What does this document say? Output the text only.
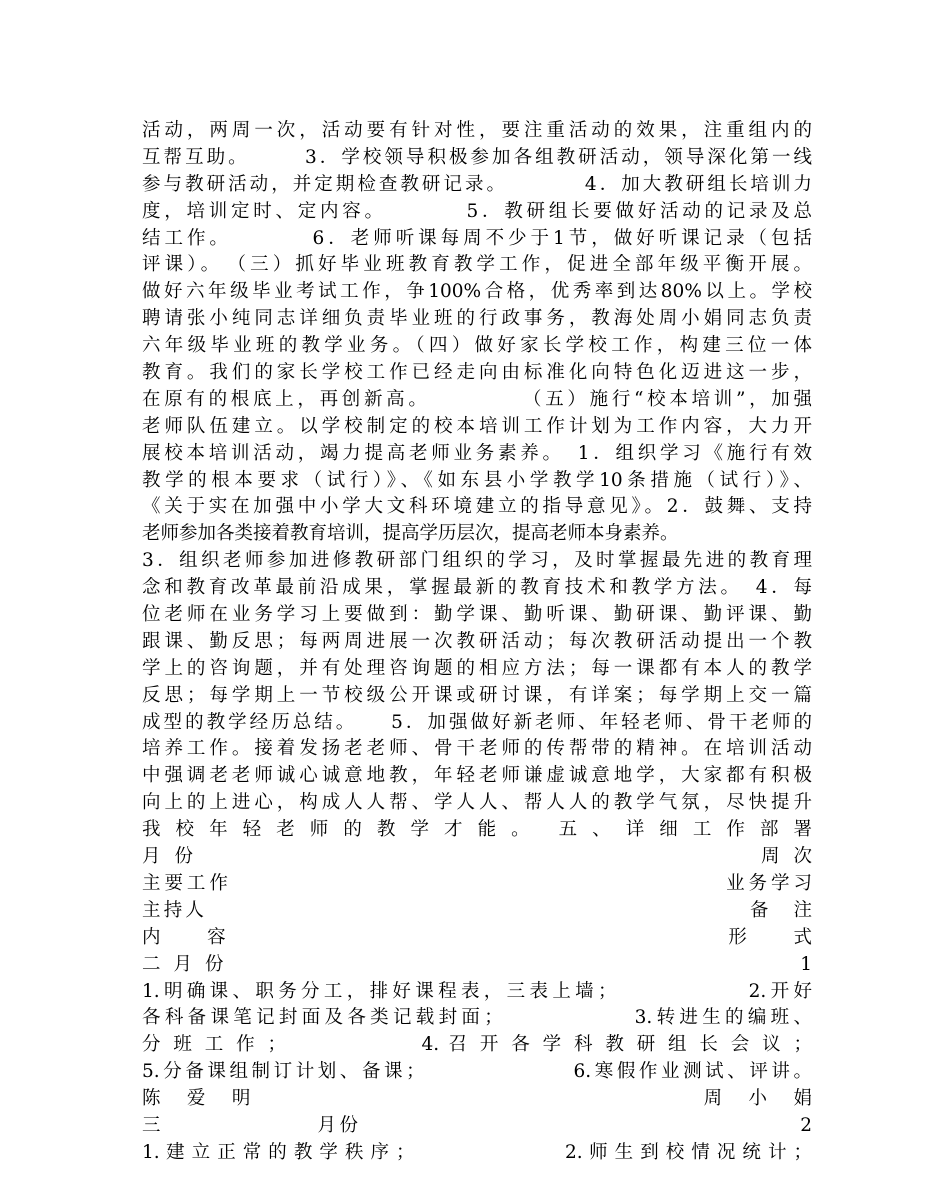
活动，两周一次，活动要有针对性，要注重活动的效果，注重组内的
互帮互助。　　　3．学校领导积极参加各组教研活动，领导深化第一线
参与教研活动，并定期检查教研记录。　　　　4．加大教研组长培训力
度，培训定时、定内容。　　　　5．教研组长要做好活动的记录及总
结工作。　　　　6．老师听课每周不少于1节，做好听课记录（包括
评课）。　（三）抓好毕业班教育教学工作，促进全部年级平衡开展。
做好六年级毕业考试工作，争100%合格，优秀率到达80%以上。学校
聘请张小纯同志详细负责毕业班的行政事务，教海处周小娟同志负责
六年级毕业班的教学业务。（四）做好家长学校工作，构建三位一体
教育。我们的家长学校工作已经走向由标准化向特色化迈进这一步，
在原有的根底上，再创新高。　　　　　（五）施行“校本培训”，加强
老师队伍建立。以学校制定的校本培训工作计划为工作内容，大力开
展校本培训活动，竭力提高老师业务素养。　1．组织学习《施行有效
教学的根本要求（试行）》、《如东县小学教学10条措施（试行）》、
《关于实在加强中小学大文科环境建立的指导意见》。2．鼓舞、支持
老师参加各类接着教育培训，提高学历层次，提高老师本身素养。
3．组织老师参加进修教研部门组织的学习，及时掌握最先进的教育理
念和教育改革最前沿成果，掌握最新的教育技术和教学方法。　4．每
位老师在业务学习上要做到：勤学课、勤听课、勤研课、勤评课、勤
跟课、勤反思；每两周进展一次教研活动；每次教研活动提出一个教
学上的咨询题，并有处理咨询题的相应方法；每一课都有本人的教学
反思；每学期上一节校级公开课或研讨课，有详案；每学期上交一篇
成型的教学经历总结。　　5．加强做好新老师、年轻老师、骨干老师的
培养工作。接着发扬老老师、骨干老师的传帮带的精神。在培训活动
中强调老老师诚心诚意地教，年轻老师谦虚诚意地学，大家都有积极
向上的上进心，构成人人帮、学人人、帮人人的教学气氛，尽快提升
我 校 年 轻 老 师 的 教 学 才 能 。　 五 、 详 细 工 作 部 署
月 份　　　　　　　　　　　　　　　　　　　　　　　　　周 次
主要工作　　　　　　　　　　　　　　　　　　　　　　业务学习
主持人　　　　　　　　　　　　　　　　　　　　　　　　　备　注
内　　容　　　　　　　　　　　　　　　　　　　　　　　形　　式
二 月 份　　　　　　　　　　　　　　　　　　　　　　　　　　1
1.明确课、职务分工，排好课程表，三表上墙；　　　　　　2.开好
各科备课笔记封面及各类记载封面；　　　　　　3.转进生的编班、
分 班 工 作 ；　　　　　　 4. 召 开 各 学 科 教 研 组 长 会 议 ；
5.分备课组制订计划、备课；　　　　　　　6.寒假作业测试、评讲。
陈　爱　明　　　　　　　　　　　　　　　　　　　　周　小　娟
三　　　　　　　月份　　　　　　　　　　　　　　　　　　　　2
1. 建 立 正 常 的 教 学 秩 序 ；　　　　　　　　 2. 师 生 到 校 情 况 统 计 ；
